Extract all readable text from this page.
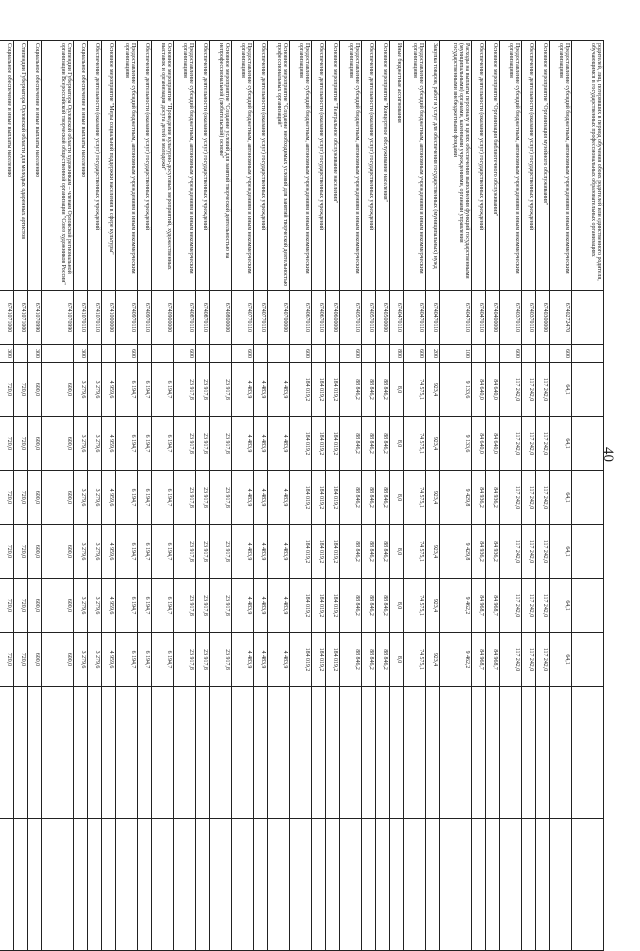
40
родителей, лиц, потерявших в период обучения обоих родителей или единственного родителя, обучающимся в государственных профессиональных образовательных организациях										
Предоставление субсидий бюджетным, автономным учреждениям и иным некоммерческим организациям	6740272470	600	64,1	64,1	64,1	64,1	64,1	64,1		
Основное мероприятие "Организация музейного обслуживания"	6740300000		117 242,0	117 242,0	117 242,0	117 242,0	117 242,0	117 242,0		
Обеспечение деятельности (оказание услуг) государственных учреждений	6740370110		117 242,0	117 242,0	117 242,0	117 242,0	117 242,0	117 242,0		
Предоставление субсидий бюджетным, автономным учреждениям и иным некоммерческим организациям	6740370110	600	117 242,0	117 242,0	117 242,0	117 242,0	117 242,0	117 242,0		
Основное мероприятие "Организация библиотечного обслуживания"	6740400000		84 640,0	84 640,0	84 936,2	84 936,2	84 968,7	84 968,7		
Обеспечение деятельности (оказание услуг) государственных учреждений	6740470110		84 640,0	84 640,0	84 936,2	84 936,2	84 968,7	84 968,7		
Расходы на выплаты персоналу в целях обеспечения выполнения функций государственными (муниципальными) органами, казенными учреждениями, органами управления государственными внебюджетными фондами	6740470110	100	9 133,6	9 133,6	9 429,8	9 429,8	9 462,2	9 462,2		
Закупка товаров, работ и услуг для обеспечения государственных (муниципальных) нужд	6740470110	200	923,4	923,4	923,4	923,4	923,4	923,4		
Предоставление субсидий бюджетным, автономным учреждениям и иным некоммерческим организациям	6740470110	600	74 575,1	74 575,1	74 575,1	74 575,1	74 575,1	74 575,1		
Иные бюджетные ассигнования	6740470110	800	8,0	8,0	8,0	8,0	8,0	8,0		
Основное мероприятие "Концертное обслуживание населения"	6740500000		88 846,2	88 846,2	88 846,2	88 846,2	88 846,2	88 846,2		
Обеспечение деятельности (оказание услуг) государственных учреждений	6740570110		88 846,2	88 846,2	88 846,2	88 846,2	88 846,2	88 846,2		
Предоставление субсидий бюджетным, автономным учреждениям и иным некоммерческим организациям	6740570110	600	88 846,2	88 846,2	88 846,2	88 846,2	88 846,2	88 846,2		
Основное мероприятие "Театральное обслуживание населения"	6740600000		184 019,2	184 019,2	184 019,2	184 019,2	184 019,2	184 019,2		
Обеспечение деятельности (оказание услуг) государственных учреждений	6740670110		184 019,2	184 019,2	184 019,2	184 019,2	184 019,2	184 019,2		
Предоставление субсидий бюджетным, автономным учреждениям и иным некоммерческим организациям	6740670110	600	184 019,2	184 019,2	184 019,2	184 019,2	184 019,2	184 019,2		
Основное мероприятие "Создание необходимых условий для занятий творческой деятельностью профессиональных организаций"	6740700000		4 483,9	4 483,9	4 483,9	4 483,9	4 483,9	4 483,9		
Обеспечение деятельности (оказание услуг) государственных учреждений	6740770110		4 483,9	4 483,9	4 483,9	4 483,9	4 483,9	4 483,9		
Предоставление субсидий бюджетным, автономным учреждениям и иным некоммерческим организациям	6740770110	600	4 483,9	4 483,9	4 483,9	4 483,9	4 483,9	4 483,9		
Основное мероприятие "Создание условий для занятий творческой деятельностью на непрофессиональной (любительской) основе"	6740800000		23 917,8	23 917,8	23 917,8	23 917,8	23 917,8	23 917,8		
Обеспечение деятельности (оказание услуг) государственных учреждений	6740870110		23 917,8	23 917,8	23 917,8	23 917,8	23 917,8	23 917,8		
Предоставление субсидий бюджетным, автономным учреждениям и иным некоммерческим организациям	6740870110	600	23 917,8	23 917,8	23 917,8	23 917,8	23 917,8	23 917,8		
Основное мероприятие "Проведение культурно-досуговых мероприятий, художественных выставок и организация досуга детей и молодежи"	6740900000		6 194,7	6 194,7	6 194,7	6 194,7	6 194,7	6 194,7		
Обеспечение деятельности (оказание услуг) государственных учреждений	6740970110		6 194,7	6 194,7	6 194,7	6 194,7	6 194,7	6 194,7		
Предоставление субсидий бюджетным, автономным учреждениям и иным некоммерческим организациям	6740970110	600	6 194,7	6 194,7	6 194,7	6 194,7	6 194,7	6 194,7		
Основное мероприятие "Меры социальной поддержки населения в сфере культуры"	6741000000		4 959,6	4 959,6	4 959,6	4 959,6	4 959,6	4 959,6		
Обеспечение деятельности (оказание услуг) государственных учреждений	6741070110		3 279,6	3 279,6	3 279,6	3 279,6	3 279,6	3 279,6		
Социальное обеспечение и иные выплаты населению	6741070110	300	3 279,6	3 279,6	3 279,6	3 279,6	3 279,6	3 279,6		
Стипендии Губернатора Орловской области художникам – членам Орловской региональной организации Всероссийской творческой общественной организации "Союз художников России"	6741070990		600,0	600,0	600,0	600,0	600,0	600,0		
Социальное обеспечение и иные выплаты населению	6741070990	300	600,0	600,0	600,0	600,0	600,0	600,0		
Стипендии Губернатора Орловской области для молодых одаренных артистов	6741071000		720,0	720,0	720,0	720,0	720,0	720,0		
Социальное обеспечение и иные выплаты населению	6741071000	300	720,0	720,0	720,0	720,0	720,0	720,0		
